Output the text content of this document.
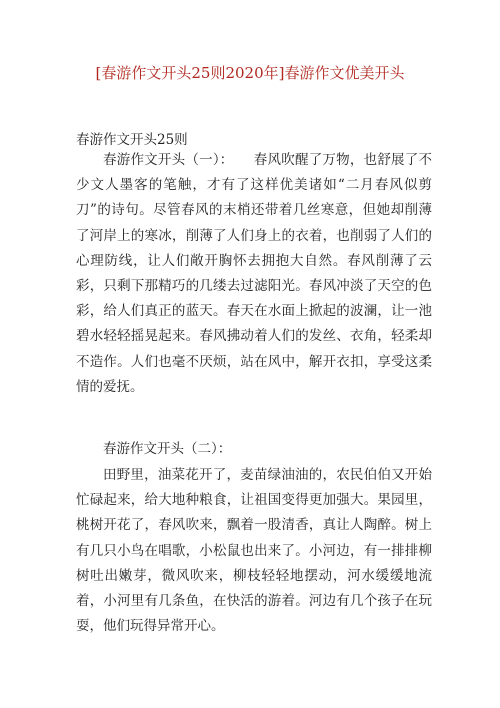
[春游作文开头25则2020年]春游作文优美开头
春游作文开头25则

春游作文开头（一）： 春风吹醒了万物，也舒展了不少文人墨客的笔触，才有了这样优美诸如“二月春风似剪刀”的诗句。尽管春风的末梢还带着几丝寒意，但她却削薄了河岸上的寒冰，削薄了人们身上的衣着，也削弱了人们的心理防线，让人们敞开胸怀去拥抱大自然。春风削薄了云彩，只剩下那精巧的几缕去过滤阳光。春风冲淡了天空的色彩，给人们真正的蓝天。春天在水面上掀起的波澜，让一池碧水轻轻摇晃起来。春风拂动着人们的发丝、衣角，轻柔却不造作。人们也毫不厌烦，站在风中，解开衣扣，享受这柔情的爱抚。

春游作文开头（二）：

田野里，油菜花开了，麦苗绿油油的，农民伯伯又开始忙碌起来，给大地种粮食，让祖国变得更加强大。果园里，桃树开花了，春风吹来，飘着一股清香，真让人陶醉。树上有几只小鸟在唱歌，小松鼠也出来了。小河边，有一排排柳树吐出嫩芽，微风吹来，柳枝轻轻地摆动，河水缓缓地流着，小河里有几条鱼，在快活的游着。河边有几个孩子在玩耍，他们玩得异常开心。
